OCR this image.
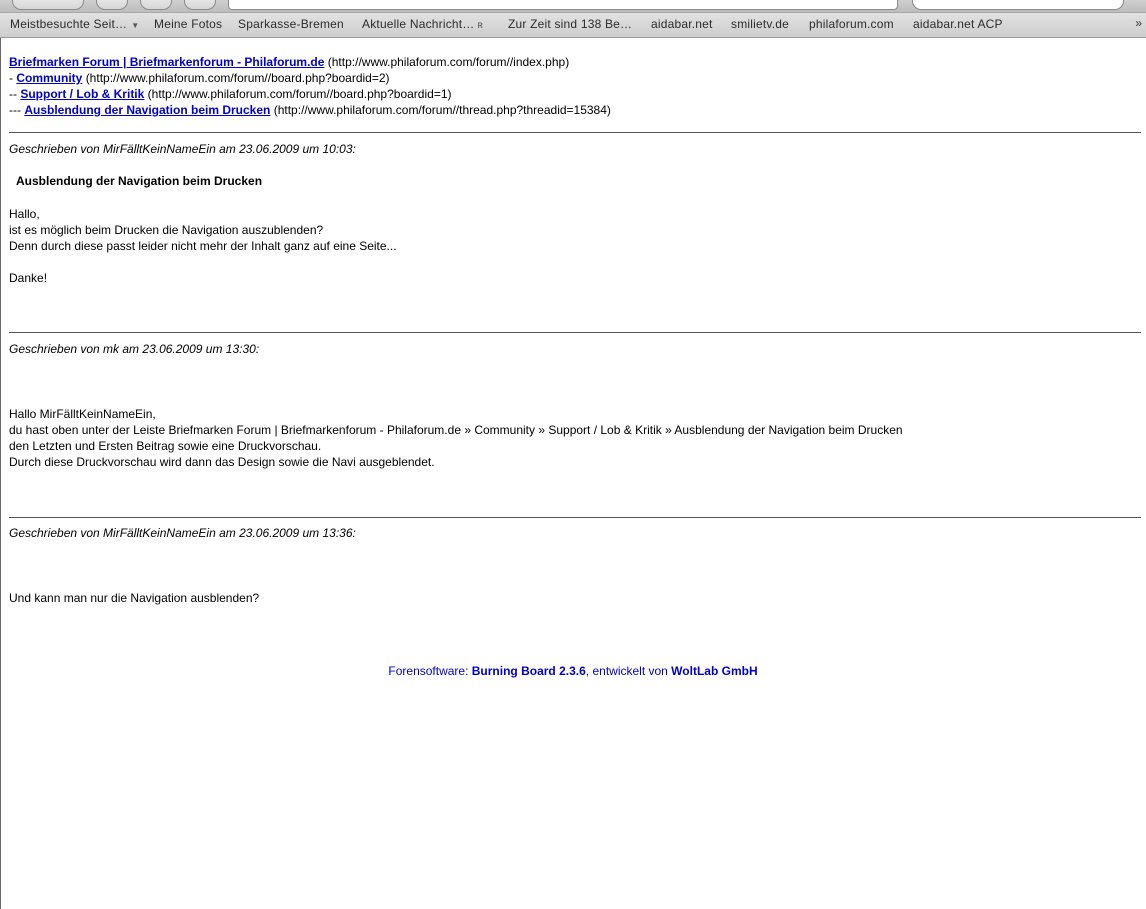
Meistbesuchte Seit… ▼ Meine Fotos Sparkasse-Bremen Aktuelle Nachricht… ʀ Zur Zeit sind 138 Be… aidabar.net smilietv.de philaforum.com aidabar.net ACP	»
Briefmarken Forum | Briefmarkenforum - Philaforum.de (http://www.philaforum.com/forum//index.php)
- Community (http://www.philaforum.com/forum//board.php?boardid=2)
-- Support / Lob & Kritik (http://www.philaforum.com/forum//board.php?boardid=1)
--- Ausblendung der Navigation beim Drucken (http://www.philaforum.com/forum//thread.php?threadid=15384)
Geschrieben von MirFälltKeinNameEin am 23.06.2009 um 10:03:
Ausblendung der Navigation beim Drucken
Hallo,
ist es möglich beim Drucken die Navigation auszublenden?
Denn durch diese passt leider nicht mehr der Inhalt ganz auf eine Seite...

Danke!
Geschrieben von mk am 23.06.2009 um 13:30:
Hallo MirFälltKeinNameEin,
du hast oben unter der Leiste Briefmarken Forum | Briefmarkenforum - Philaforum.de » Community » Support / Lob & Kritik » Ausblendung der Navigation beim Drucken
den Letzten und Ersten Beitrag sowie eine Druckvorschau.
Durch diese Druckvorschau wird dann das Design sowie die Navi ausgeblendet.
Geschrieben von MirFälltKeinNameEin am 23.06.2009 um 13:36:
Und kann man nur die Navigation ausblenden?
Forensoftware: Burning Board 2.3.6, entwickelt von WoltLab GmbH
